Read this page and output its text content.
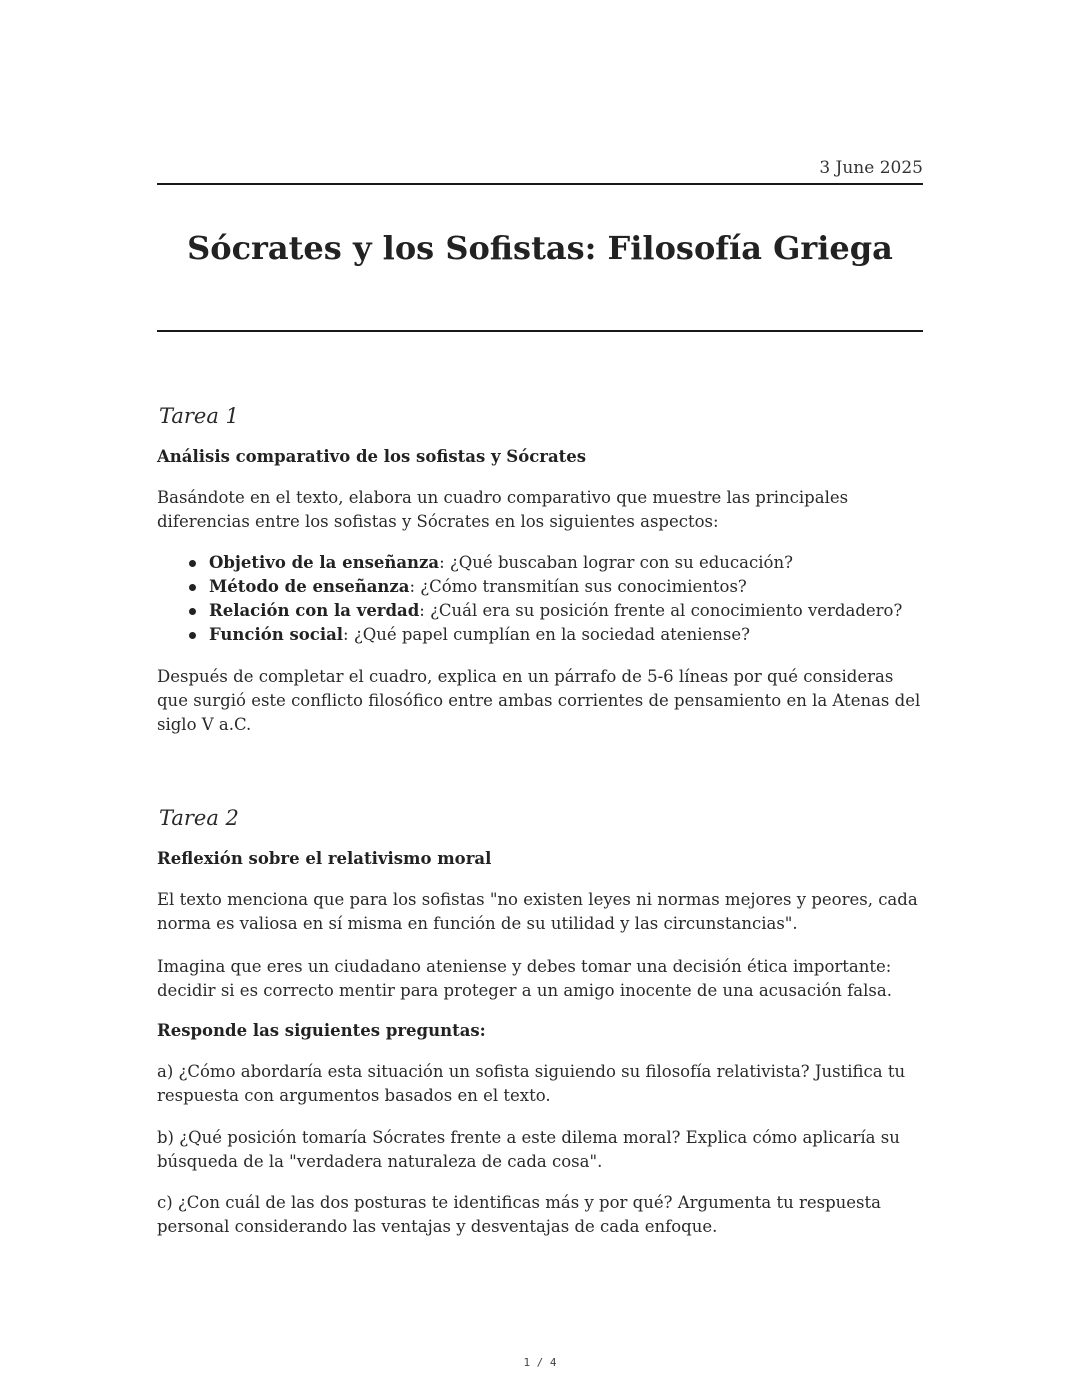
3 June 2025
Sócrates y los Sofistas: Filosofía Griega
Tarea 1

Análisis comparativo de los sofistas y Sócrates

Basándote en el texto, elabora un cuadro comparativo que muestre las principales diferencias entre los sofistas y Sócrates en los siguientes aspectos:

Objetivo de la enseñanza: ¿Qué buscaban lograr con su educación?
Método de enseñanza: ¿Cómo transmitían sus conocimientos?
Relación con la verdad: ¿Cuál era su posición frente al conocimiento verdadero?
Función social: ¿Qué papel cumplían en la sociedad ateniense?

Después de completar el cuadro, explica en un párrafo de 5-6 líneas por qué consideras que surgió este conflicto filosófico entre ambas corrientes de pensamiento en la Atenas del siglo V a.C.

Tarea 2

Reflexión sobre el relativismo moral

El texto menciona que para los sofistas "no existen leyes ni normas mejores y peores, cada norma es valiosa en sí misma en función de su utilidad y las circunstancias".

Imagina que eres un ciudadano ateniense y debes tomar una decisión ética importante: decidir si es correcto mentir para proteger a un amigo inocente de una acusación falsa.

Responde las siguientes preguntas:

a) ¿Cómo abordaría esta situación un sofista siguiendo su filosofía relativista? Justifica tu respuesta con argumentos basados en el texto.

b) ¿Qué posición tomaría Sócrates frente a este dilema moral? Explica cómo aplicaría su búsqueda de la "verdadera naturaleza de cada cosa".

c) ¿Con cuál de las dos posturas te identificas más y por qué? Argumenta tu respuesta personal considerando las ventajas y desventajas de cada enfoque.

1 / 4
